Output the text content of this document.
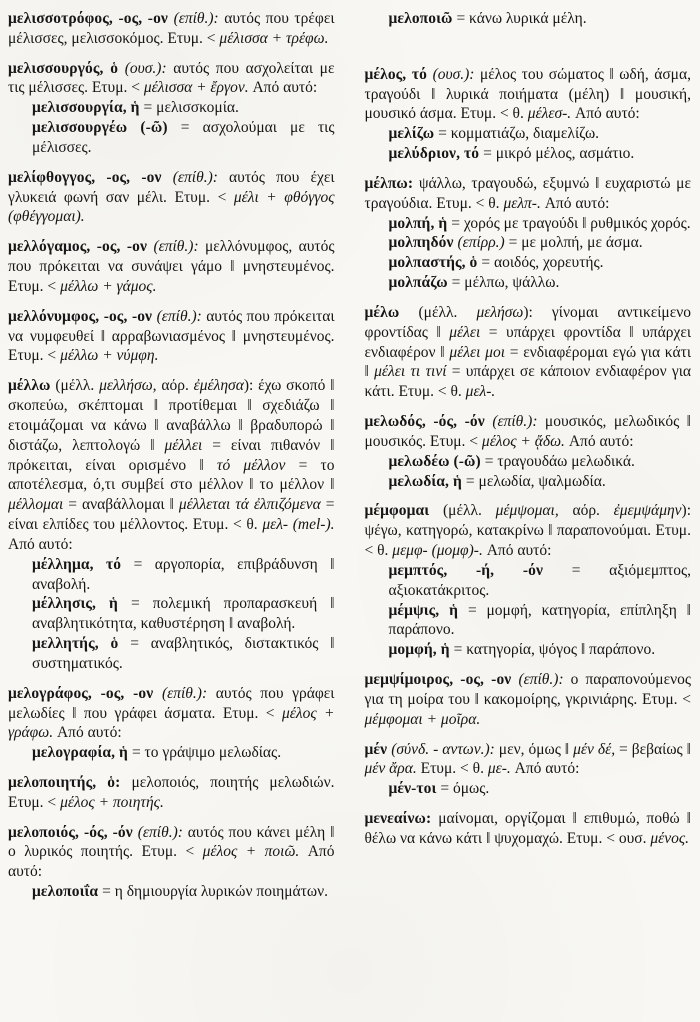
μελισσοτρόφος, -ος, -ον (επίθ.): αυτός που τρέφει μέλισσες, μελισσοκόμος. Ετυμ. < μέλισσα + τρέφω.

μελισσουργός, ὁ (ουσ.): αυτός που ασχολείται με τις μέλισσες. Ετυμ. < μέλισσα + ἔργον. Από αυτό:

μελισσουργία, ἡ = μελισσκομία.

μελισσουργέω (-ῶ) = ασχολούμαι με τις μέλισσες.

μελίφθογγος, -ος, -ον (επίθ.): αυτός που έχει γλυκειά φωνή σαν μέλι. Ετυμ. < μέλι + φθόγγος (φθέγγομαι).

μελλόγαμος, -ος, -ον (επίθ.): μελλόνυμφος, αυτός που πρόκειται να συνάψει γάμο ‖ μνηστευμένος. Ετυμ. < μέλλω + γάμος.

μελλόνυμφος, -ος, -ον (επίθ.): αυτός που πρόκειται να νυμφευθεί ‖ αρραβωνιασμένος ‖ μνηστευμένος. Ετυμ. < μέλλω + νύμφη.

μέλλω (μέλλ. μελλήσω, αόρ. ἐμέλησα): έχω σκοπό ‖ σκοπεύω, σκέπτομαι ‖ προτίθεμαι ‖ σχεδιάζω ‖ ετοιμάζομαι να κάνω ‖ αναβάλλω ‖ βραδυπορώ ‖ διστάζω, λεπτολογώ ‖ μέλλει = είναι πιθανόν ‖ πρόκειται, είναι ορισμένο ‖ τό μέλλον = το αποτέλεσμα, ό,τι συμβεί στο μέλλον ‖ το μέλλον ‖ μέλλομαι = αναβάλλομαι ‖ μέλλεται τά ἐλπιζόμενα = είναι ελπίδες του μέλλοντος. Ετυμ. < θ. μελ- (mel-). Από αυτό:

μέλλημα, τό = αργοπορία, επιβράδυνση ‖ αναβολή.

μέλλησις, ἡ = πολεμική προπαρασκευή ‖ αναβλητικότητα, καθυστέρηση ‖ αναβολή.

μελλητής, ὁ = αναβλητικός, διστακτικός ‖ συστηματικός.

μελογράφος, -ος, -ον (επίθ.): αυτός που γράφει μελωδίες ‖ που γράφει άσματα. Ετυμ. < μέλος + γράφω. Από αυτό:

μελογραφία, ἡ = το γράψιμο μελωδίας.

μελοποιητής, ὁ: μελοποιός, ποιητής μελωδιών. Ετυμ. < μέλος + ποιητής.

μελοποιός, -ός, -όν (επίθ.): αυτός που κάνει μέλη ‖ ο λυρικός ποιητής. Ετυμ. < μέλος + ποιῶ. Από αυτό:

μελοποιΐα = η δημιουργία λυρικών ποιημάτων.

μελοποιῶ = κάνω λυρικά μέλη.

μέλος, τό (ουσ.): μέλος του σώματος ‖ ωδή, άσμα, τραγούδι ‖ λυρικά ποιήματα (μέλη) ‖ μουσική, μουσικό άσμα. Ετυμ. < θ. μέλεσ-. Από αυτό:

μελίζω = κομματιάζω, διαμελίζω.

μελύδριον, τό = μικρό μέλος, ασμάτιο.

μέλπω: ψάλλω, τραγουδώ, εξυμνώ ‖ ευχαριστώ με τραγούδια. Ετυμ. < θ. μελπ-. Από αυτό:

μολπή, ἡ = χορός με τραγούδι ‖ ρυθμικός χορός.

μολπηδόν (επίρρ.) = με μολπή, με άσμα.

μολπαστής, ὁ = αοιδός, χορευτής.

μολπάζω = μέλπω, ψάλλω.

μέλω (μέλλ. μελήσω): γίνομαι αντικείμενο φροντίδας ‖ μέλει = υπάρχει φροντίδα ‖ υπάρχει ενδιαφέρον ‖ μέλει μοι = ενδιαφέρομαι εγώ για κάτι ‖ μέλει τι τινί = υπάρχει σε κάποιον ενδιαφέρον για κάτι. Ετυμ. < θ. μελ-.

μελωδός, -ός, -όν (επίθ.): μουσικός, μελωδικός ‖ μουσικός. Ετυμ. < μέλος + ᾄδω. Από αυτό:

μελωδέω (-ῶ) = τραγουδάω μελωδικά.

μελωδία, ἡ = μελωδία, ψαλμωδία.

μέμφομαι (μέλλ. μέμψομαι, αόρ. ἐμεμψάμην): ψέγω, κατηγορώ, κατακρίνω ‖ παραπονούμαι. Ετυμ. < θ. μεμφ- (μομφ)-. Από αυτό:

μεμπτός, -ή, -όν = αξιόμεμπτος, αξιοκατάκριτος.

μέμψις, ἡ = μομφή, κατηγορία, επίπληξη ‖ παράπονο.

μομφή, ἡ = κατηγορία, ψόγος ‖ παράπονο.

μεμψίμοιρος, -ος, -ον (επίθ.): ο παραπονούμενος για τη μοίρα του ‖ κακομοίρης, γκρινιάρης. Ετυμ. < μέμφομαι + μοῖρα.

μέν (σύνδ. - αντων.): μεν, όμως ‖ μέν δέ, = βεβαίως ‖ μέν ἄρα. Ετυμ. < θ. με-. Από αυτό:

μέν-τοι = όμως.

μενεαίνω: μαίνομαι, οργίζομαι ‖ επιθυμώ, ποθώ ‖ θέλω να κάνω κάτι ‖ ψυχομαχώ. Ετυμ. < ουσ. μένος.
